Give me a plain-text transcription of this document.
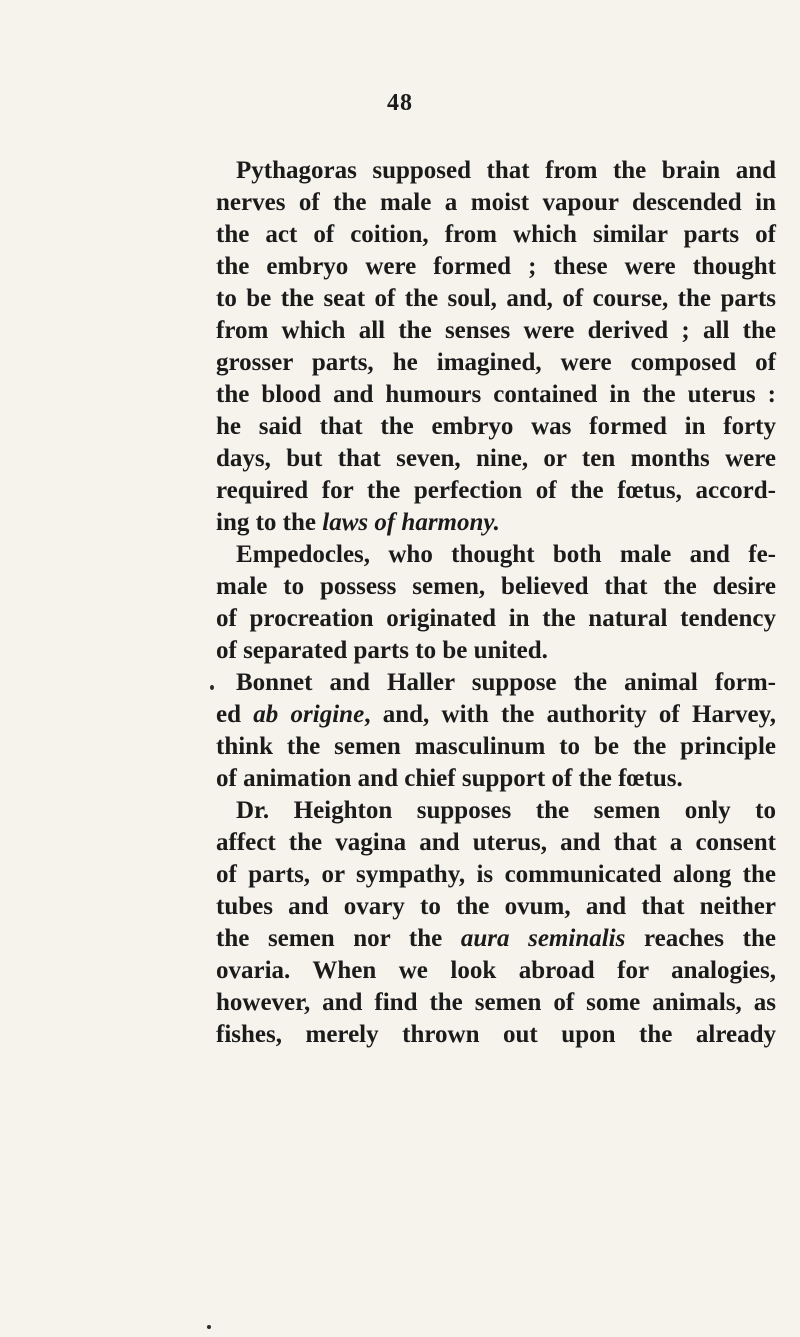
48
Pythagoras supposed that from the brain and
nerves of the male a moist vapour descended in
the act of coition, from which similar parts of
the embryo were formed ; these were thought
to be the seat of the soul, and, of course, the parts
from which all the senses were derived ; all the
grosser parts, he imagined, were composed of
the blood and humours contained in the uterus :
he said that the embryo was formed in forty
days, but that seven, nine, or ten months were
required for the perfection of the fœtus, accord-
ing to the laws of harmony.
Empedocles, who thought both male and fe-
male to possess semen, believed that the desire
of procreation originated in the natural tendency
of separated parts to be united.
Bonnet and Haller suppose the animal form-
ed ab origine, and, with the authority of Harvey,
think the semen masculinum to be the principle
of animation and chief support of the fœtus.
Dr. Heighton supposes the semen only to
affect the vagina and uterus, and that a consent
of parts, or sympathy, is communicated along the
tubes and ovary to the ovum, and that neither
the semen nor the aura seminalis reaches the
ovaria. When we look abroad for analogies,
however, and find the semen of some animals, as
fishes, merely thrown out upon the already
